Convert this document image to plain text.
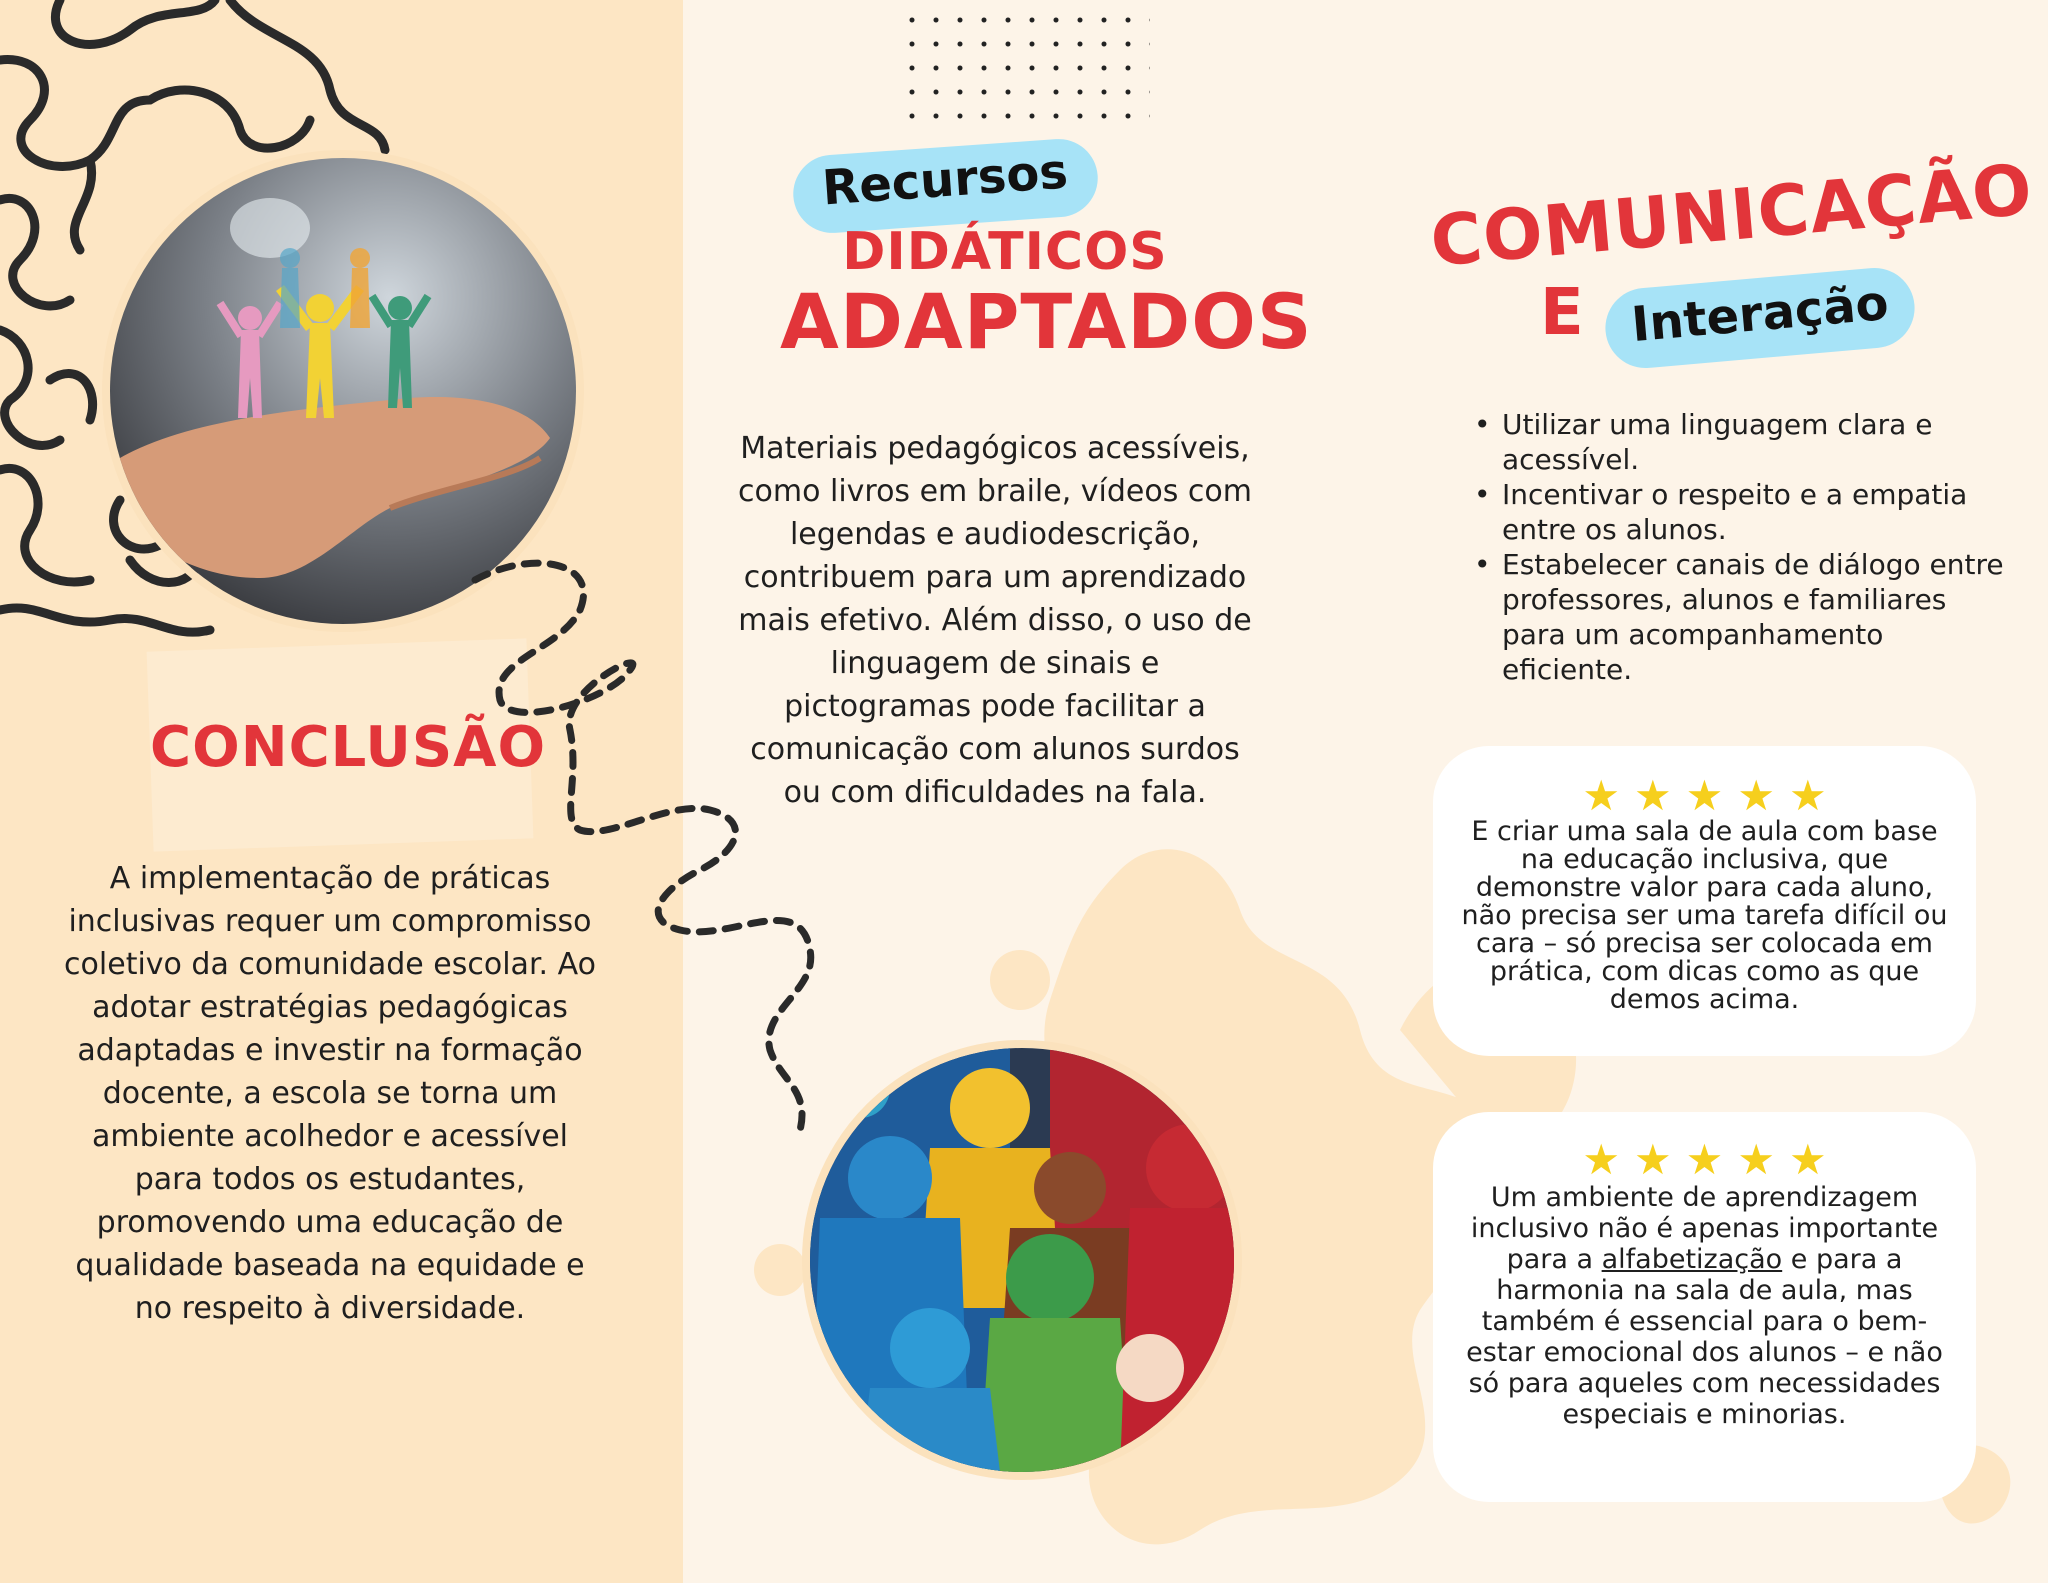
CONCLUSÃO
A implementação de práticas inclusivas requer um compromisso coletivo da comunidade escolar. Ao adotar estratégias pedagógicas adaptadas e investir na formação docente, a escola se torna um ambiente acolhedor e acessível para todos os estudantes, promovendo uma educação de qualidade baseada na equidade e no respeito à diversidade.
Recursos
DIDÁTICOS
ADAPTADOS
Materiais pedagógicos acessíveis, como livros em braile, vídeos com legendas e audiodescrição, contribuem para um aprendizado mais efetivo. Além disso, o uso de linguagem de sinais e pictogramas pode facilitar a comunicação com alunos surdos ou com dificuldades na fala.
COMUNICAÇÃO
E Interação
• Utilizar uma linguagem clara e acessível.
• Incentivar o respeito e a empatia entre os alunos.
• Estabelecer canais de diálogo entre professores, alunos e familiares para um acompanhamento eficiente.
★ ★ ★ ★ ★
E criar uma sala de aula com base na educação inclusiva, que demonstre valor para cada aluno, não precisa ser uma tarefa difícil ou cara – só precisa ser colocada em prática, com dicas como as que demos acima.
★ ★ ★ ★ ★
Um ambiente de aprendizagem inclusivo não é apenas importante para a alfabetização e para a harmonia na sala de aula, mas também é essencial para o bem-estar emocional dos alunos – e não só para aqueles com necessidades especiais e minorias.
